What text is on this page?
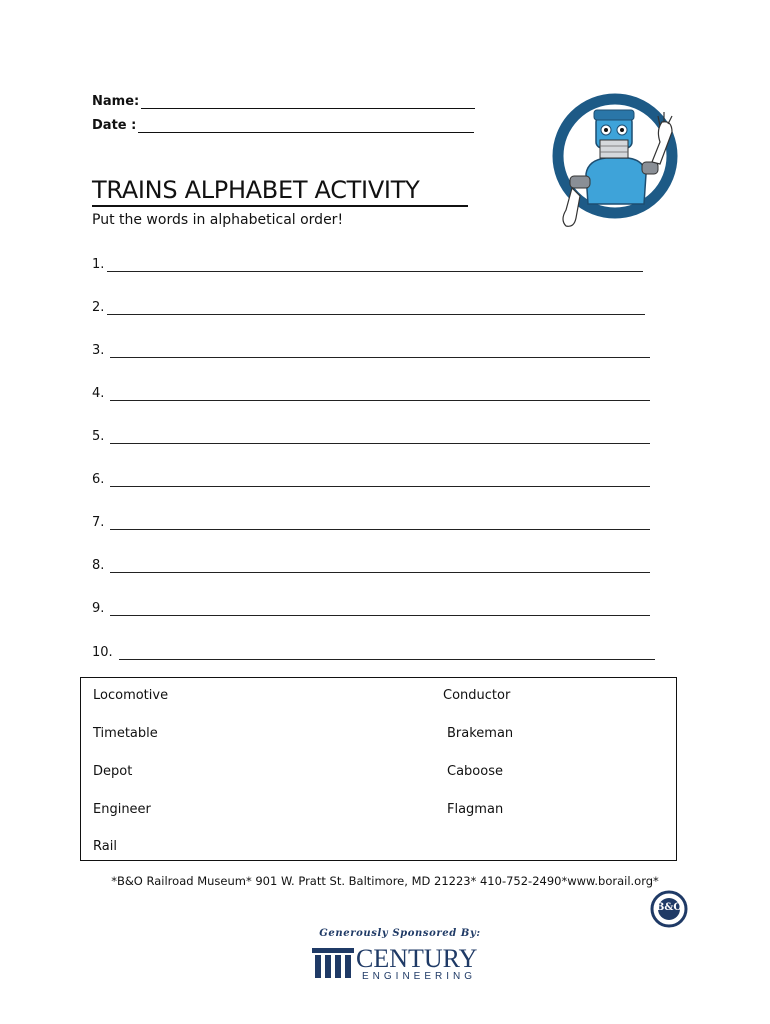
Name:
Date :
TRAINS ALPHABET ACTIVITY
Put the words in alphabetical order!
1.
2.
3.
4.
5.
6.
7.
8.
9.
10.
Locomotive
Timetable
Depot
Engineer
Rail
Conductor
Brakeman
Caboose
Flagman
*B&O Railroad Museum* 901 W. Pratt St. Baltimore, MD 21223* 410-752-2490*www.borail.org*
B&O
Generously Sponsored By:
CENTURY
ENGINEERING
